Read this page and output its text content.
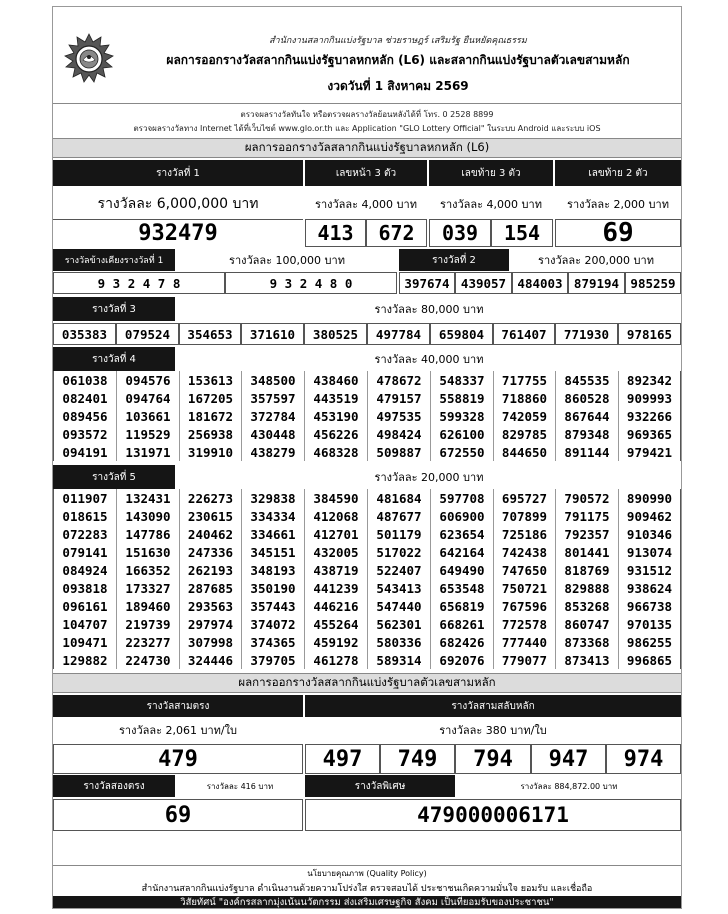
สำนักงานสลากกินแบ่งรัฐบาล ช่วยราษฎร์ เสริมรัฐ ยืนหยัดคุณธรรม
ผลการออกรางวัลสลากกินแบ่งรัฐบาลหกหลัก (L6) และสลากกินแบ่งรัฐบาลตัวเลขสามหลัก
งวดวันที่ 1 สิงหาคม 2569
ตรวจผลรางวัลทันใจ หรือตรวจผลรางวัลย้อนหลังได้ที่ โทร. 0 2528 8899
ตรวจผลรางวัลทาง Internet ได้ที่เว็บไซต์ www.glo.or.th และ Application "GLO Lottery Official" ในระบบ Android และระบบ iOS
ผลการออกรางวัลสลากกินแบ่งรัฐบาลหกหลัก (L6)
รางวัลที่ 1	เลขหน้า 3 ตัว	เลขท้าย 3 ตัว	เลขท้าย 2 ตัว
รางวัลละ 6,000,000 บาท	รางวัลละ 4,000 บาท	รางวัลละ 4,000 บาท	รางวัลละ 2,000 บาท
932479	413	672	039	154	69
รางวัลข้างเคียงรางวัลที่ 1	รางวัลละ 100,000 บาท	รางวัลที่ 2	รางวัลละ 200,000 บาท
9 3 2 4 7 8	9 3 2 4 8 0	397674 439057 484003 879194 985259
รางวัลที่ 3	รางวัลละ 80,000 บาท
035383	079524	354653	371610	380525	497784	659804	761407	771930	978165
รางวัลที่ 4	รางวัลละ 40,000 บาท
061038	094576	153613	348500	438460	478672	548337	717755	845535	892342
082401	094764	167205	357597	443519	479157	558819	718860	860528	909993
089456	103661	181672	372784	453190	497535	599328	742059	867644	932266
093572	119529	256938	430448	456226	498424	626100	829785	879348	969365
094191	131971	319910	438279	468328	509887	672550	844650	891144	979421
รางวัลที่ 5	รางวัลละ 20,000 บาท
011907	132431	226273	329838	384590	481684	597708	695727	790572	890990
018615	143090	230615	334334	412068	487677	606900	707899	791175	909462
072283	147786	240462	334661	412701	501179	623654	725186	792357	910346
079141	151630	247336	345151	432005	517022	642164	742438	801441	913074
084924	166352	262193	348193	438719	522407	649490	747650	818769	931512
093818	173327	287685	350190	441239	543413	653548	750721	829888	938624
096161	189460	293563	357443	446216	547440	656819	767596	853268	966738
104707	219739	297974	374072	455264	562301	668261	772578	860747	970135
109471	223277	307998	374365	459192	580336	682426	777440	873368	986255
129882	224730	324446	379705	461278	589314	692076	779077	873413	996865
ผลการออกรางวัลสลากกินแบ่งรัฐบาลตัวเลขสามหลัก
รางวัลสามตรง	รางวัลสามสลับหลัก
รางวัลละ 2,061 บาท/ใบ	รางวัลละ 380 บาท/ใบ
479	497	749	794	947	974
รางวัลสองตรง	รางวัลละ 416 บาท	รางวัลพิเศษ	รางวัลละ 884,872.00 บาท
69	479000006171
นโยบายคุณภาพ (Quality Policy)
สำนักงานสลากกินแบ่งรัฐบาล ดำเนินงานด้วยความโปร่งใส ตรวจสอบได้ ประชาชนเกิดความมั่นใจ ยอมรับ และเชื่อถือ
วิสัยทัศน์ "องค์กรสลากมุ่งเน้นนวัตกรรม ส่งเสริมเศรษฐกิจ สังคม เป็นที่ยอมรับของประชาชน"
